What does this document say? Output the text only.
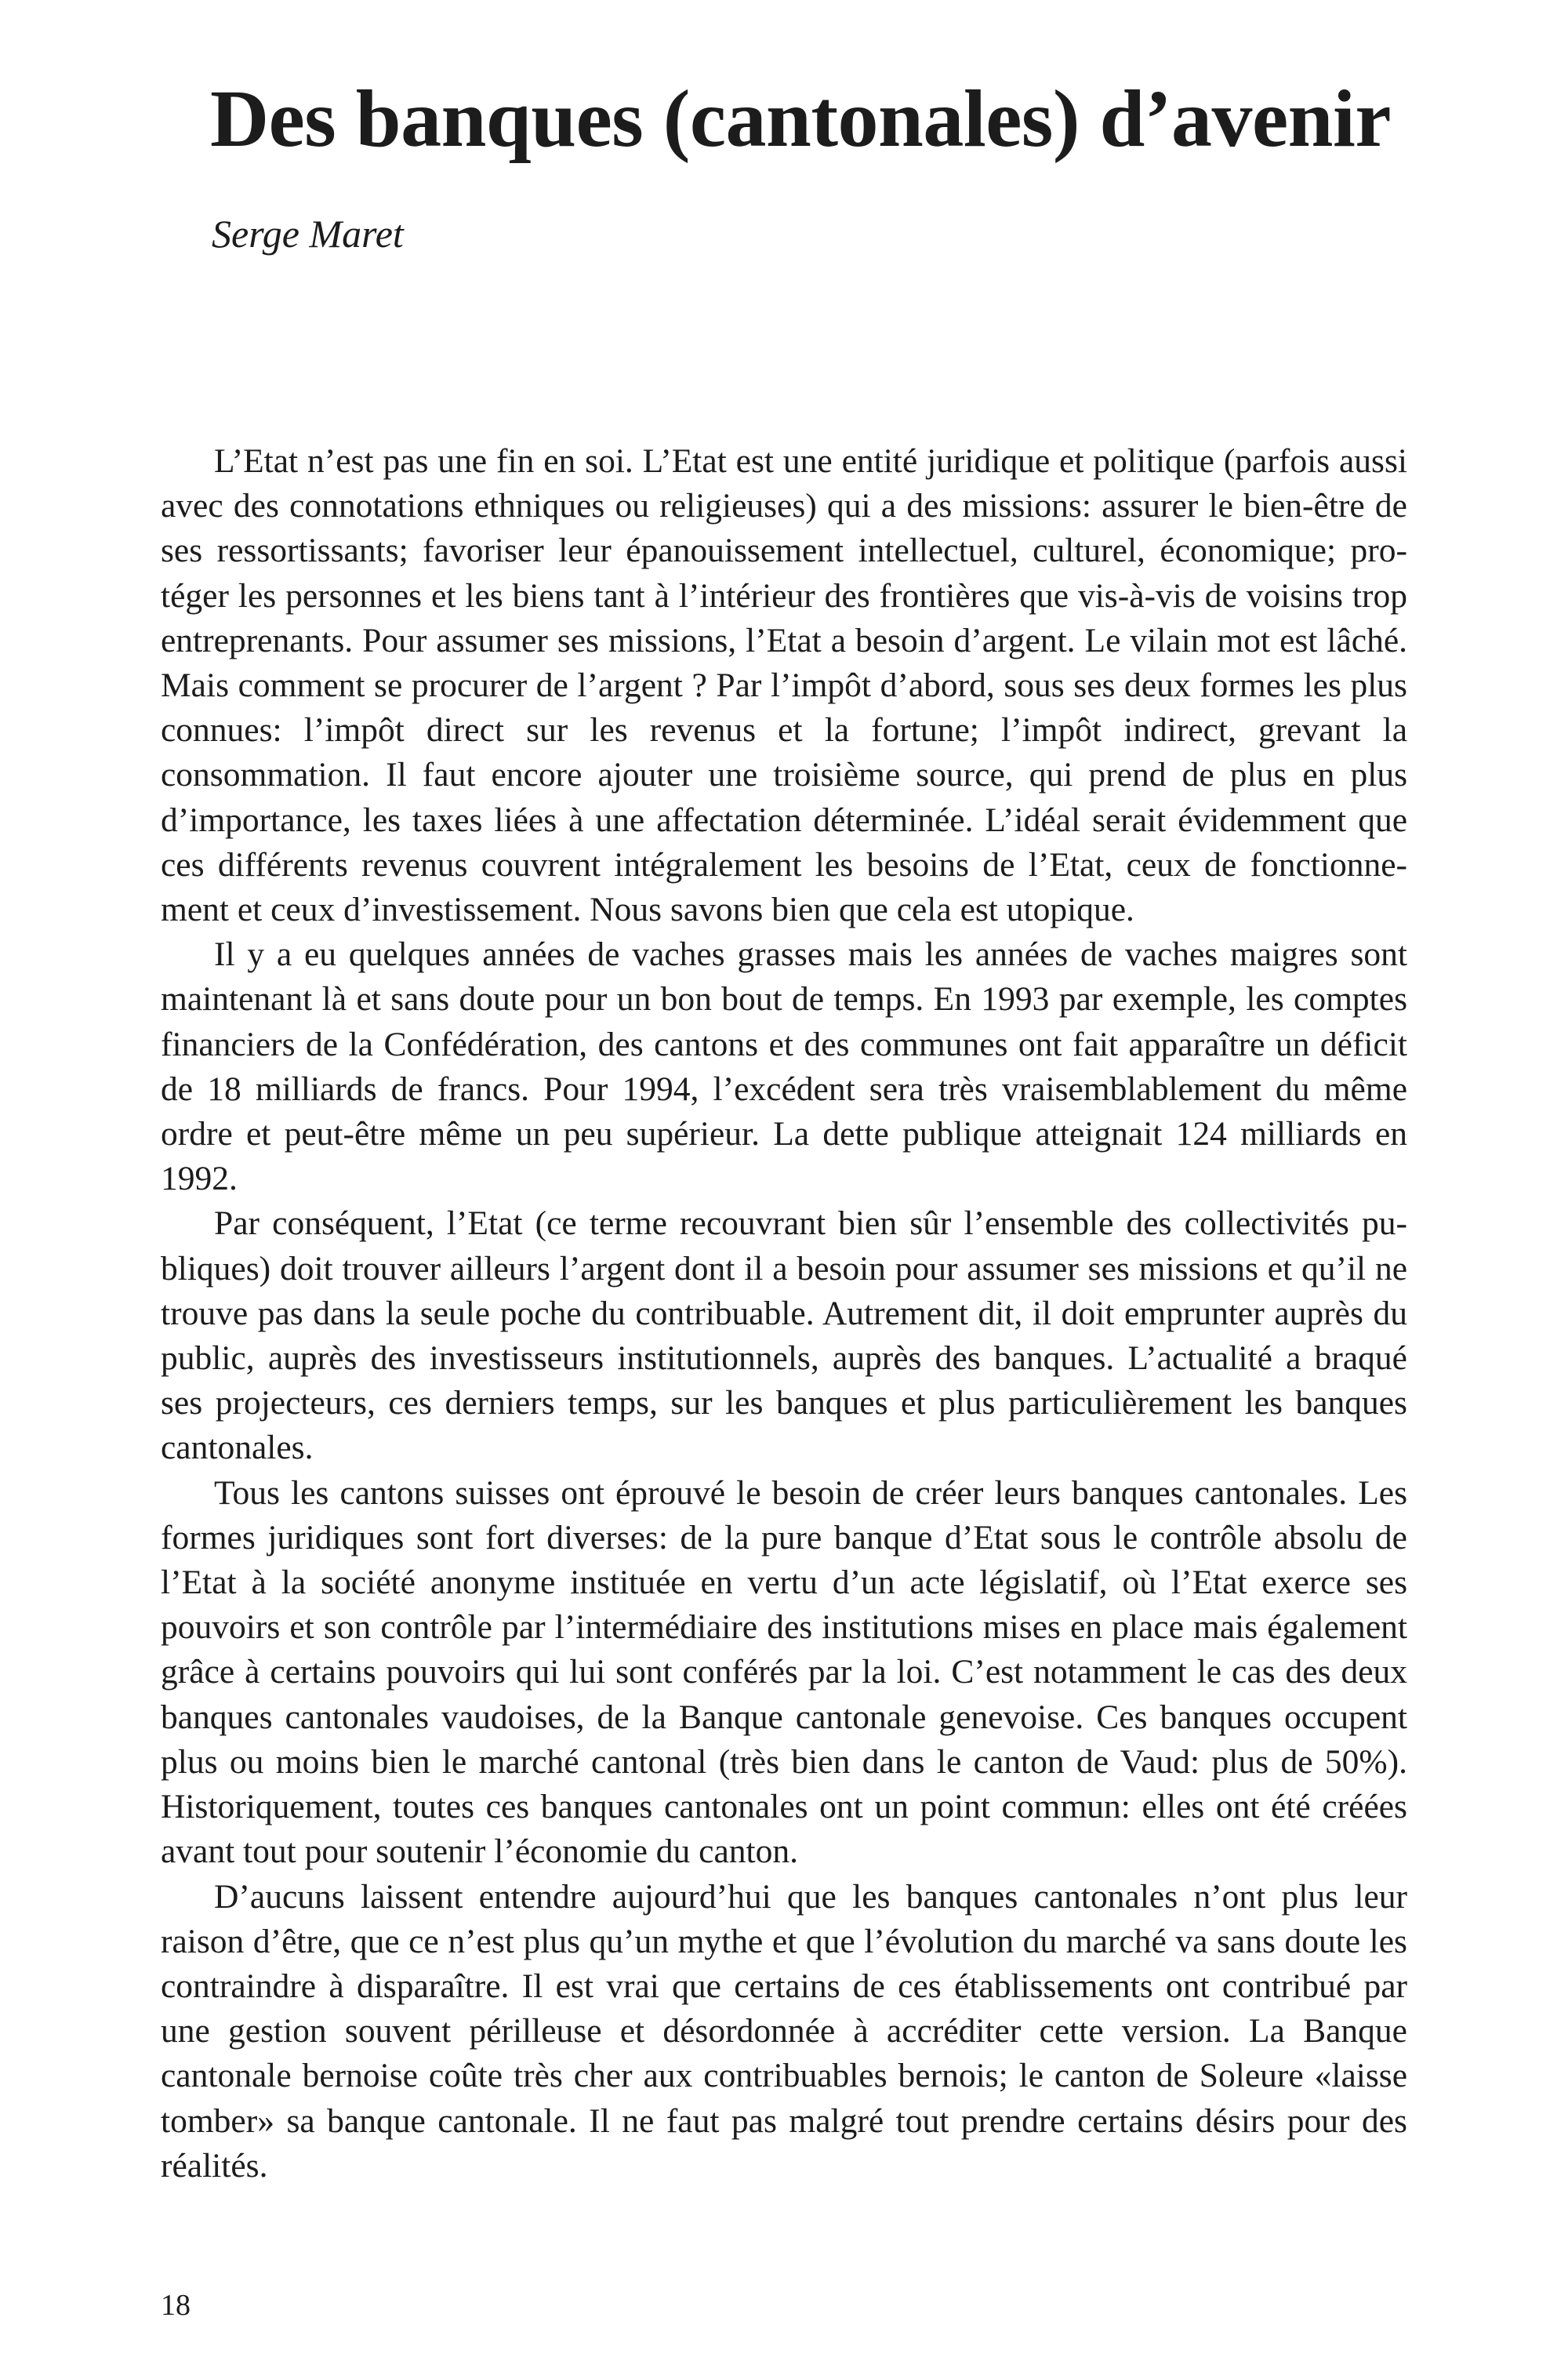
Des banques (cantonales) d’avenir

Serge Maret

L’Etat n’est pas une fin en soi. L’Etat est une entité juridique et politique (parfois aussi avec des connotations ethniques ou religieuses) qui a des missions: assurer le bien-être de ses ressortissants; favoriser leur épanouissement intellectuel, culturel, économique; protéger les personnes et les biens tant à l’intérieur des frontières que vis-à-vis de voisins trop entreprenants. Pour assumer ses missions, l’Etat a besoin d’argent. Le vilain mot est lâché. Mais comment se procurer de l’argent ? Par l’impôt d’abord, sous ses deux formes les plus connues: l’impôt direct sur les revenus et la fortune; l’impôt indirect, grevant la consommation. Il faut encore ajouter une troisième source, qui prend de plus en plus d’importance, les taxes liées à une affectation déterminée. L’idéal serait évidemment que ces différents revenus couvrent intégralement les besoins de l’Etat, ceux de fonctionnement et ceux d’investissement. Nous savons bien que cela est utopique.

Il y a eu quelques années de vaches grasses mais les années de vaches maigres sont maintenant là et sans doute pour un bon bout de temps. En 1993 par exemple, les comptes financiers de la Confédération, des cantons et des communes ont fait apparaître un déficit de 18 milliards de francs. Pour 1994, l’excédent sera très vraisemblablement du même ordre et peut-être même un peu supérieur. La dette publique atteignait 124 milliards en 1992.

Par conséquent, l’Etat (ce terme recouvrant bien sûr l’ensemble des collectivités publiques) doit trouver ailleurs l’argent dont il a besoin pour assumer ses missions et qu’il ne trouve pas dans la seule poche du contribuable. Autrement dit, il doit emprunter auprès du public, auprès des investisseurs institutionnels, auprès des banques. L’actualité a braqué ses projecteurs, ces derniers temps, sur les banques et plus particulièrement les banques cantonales.

Tous les cantons suisses ont éprouvé le besoin de créer leurs banques cantonales. Les formes juridiques sont fort diverses: de la pure banque d’Etat sous le contrôle absolu de l’Etat à la société anonyme instituée en vertu d’un acte législatif, où l’Etat exerce ses pouvoirs et son contrôle par l’intermédiaire des institutions mises en place mais également grâce à certains pouvoirs qui lui sont conférés par la loi. C’est notamment le cas des deux banques cantonales vaudoises, de la Banque cantonale genevoise. Ces banques occupent plus ou moins bien le marché cantonal (très bien dans le canton de Vaud: plus de 50%). Historiquement, toutes ces banques cantonales ont un point commun: elles ont été créées avant tout pour soutenir l’économie du canton.

D’aucuns laissent entendre aujourd’hui que les banques cantonales n’ont plus leur raison d’être, que ce n’est plus qu’un mythe et que l’évolution du marché va sans doute les contraindre à disparaître. Il est vrai que certains de ces établissements ont contribué par une gestion souvent périlleuse et désordonnée à accréditer cette version. La Banque cantonale bernoise coûte très cher aux contribuables bernois; le canton de Soleure «laisse tomber» sa banque cantonale. Il ne faut pas malgré tout prendre certains désirs pour des réalités.

18
